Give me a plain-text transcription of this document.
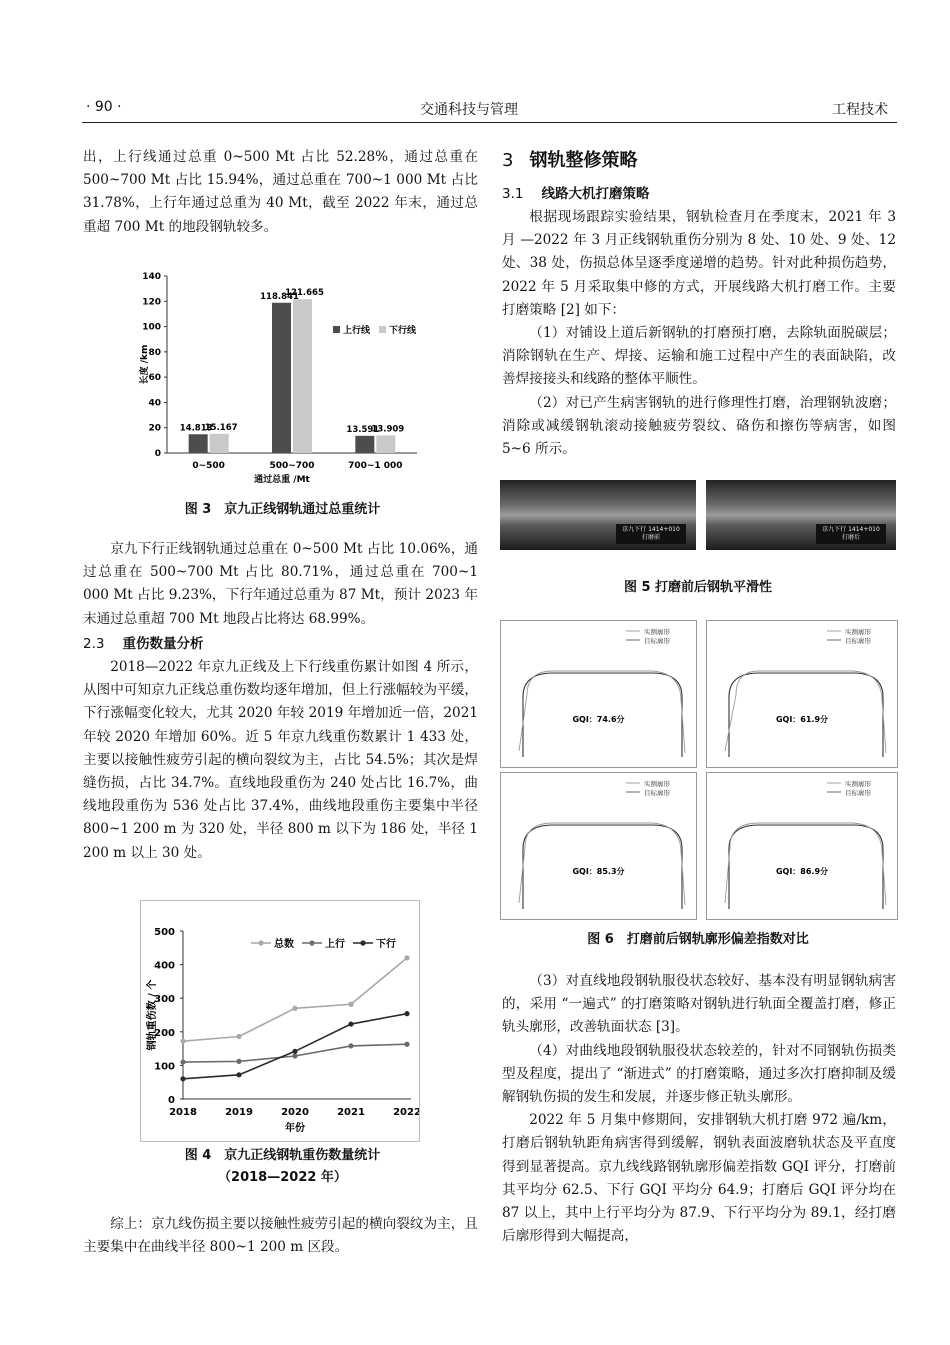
· 90 ·	交通科技与管理	工程技术

出，上行线通过总重 0~500 Mt 占比 52.28%，通过总重在 500~700 Mt 占比 15.94%，通过总重在 700~1 000 Mt 占比 31.78%，上行年通过总重为 40 Mt，截至 2022 年末，通过总重超 700 Mt 的地段钢轨较多。

0
20
40
60
80
100
120
140
长度 /km
14.813
15.167
0~500
118.841
121.665
500~700
13.591
13.909
700~1 000
通过总重 /Mt
上行线 下行线
图 3　京九正线钢轨通过总重统计

京九下行正线钢轨通过总重在 0~500 Mt 占比 10.06%，通过总重在 500~700 Mt 占比 80.71%，通过总重在 700~1 000 Mt 占比 9.23%，下行年通过总重为 87 Mt，预计 2023 年末通过总重超 700 Mt 地段占比将达 68.99%。

2.3 重伤数量分析

2018—2022 年京九正线及上下行线重伤累计如图 4 所示，从图中可知京九正线总重伤数均逐年增加，但上行涨幅较为平缓，下行涨幅变化较大，尤其 2020 年较 2019 年增加近一倍，2021 年较 2020 年增加 60%。近 5 年京九线重伤数累计 1 433 处，主要以接触性疲劳引起的横向裂纹为主，占比 54.5%；其次是焊缝伤损，占比 34.7%。直线地段重伤为 240 处占比 16.7%，曲线地段重伤为 536 处占比 37.4%，曲线地段重伤主要集中半径 800~1 200 m 为 320 处，半径 800 m 以下为 186 处，半径 1 200 m 以上 30 处。

0
100
200
300
400
500
2018	2019	2020	2021	2022
年份
钢轨重伤数 / 个
总数	上行	下行
图 4　京九正线钢轨重伤数量统计
（2018—2022 年）

综上：京九线伤损主要以接触性疲劳引起的横向裂纹为主，且主要集中在曲线半径 800~1 200 m 区段。

3 钢轨整修策略
3.1 线路大机打磨策略

根据现场跟踪实验结果，钢轨检查月在季度末，2021 年 3 月 —2022 年 3 月正线钢轨重伤分别为 8 处、10 处、9 处、12 处、38 处，伤损总体呈逐季度递增的趋势。针对此种损伤趋势，2022 年 5 月采取集中修的方式，开展线路大机打磨工作。主要打磨策略 [2] 如下：

（1）对铺设上道后新钢轨的打磨预打磨，去除轨面脱碳层；消除钢轨在生产、焊接、运输和施工过程中产生的表面缺陷，改善焊接接头和线路的整体平顺性。

（2）对已产生病害钢轨的进行修理性打磨，治理钢轨波磨；消除或减缓钢轨滚动接触疲劳裂纹、硌伤和擦伤等病害，如图 5~6 所示。

京九下行 1414+010打磨前
京九下行 1414+010打磨后
图 5 打磨前后钢轨平滑性
实测廓形
目标廓形
GQI：74.6分
实测廓形
目标廓形
GQI：61.9分
实测廓形
目标廓形
GQI：85.3分
实测廓形
目标廓形
GQI：86.9分
图 6　打磨前后钢轨廓形偏差指数对比

（3）对直线地段钢轨服役状态较好、基本没有明显钢轨病害的，采用 “一遍式” 的打磨策略对钢轨进行轨面全覆盖打磨，修正轨头廓形，改善轨面状态 [3]。

（4）对曲线地段钢轨服役状态较差的，针对不同钢轨伤损类型及程度，提出了 “渐进式” 的打磨策略，通过多次打磨抑制及缓解钢轨伤损的发生和发展，并逐步修正轨头廓形。

2022 年 5 月集中修期间，安排钢轨大机打磨 972 遍/km，打磨后钢轨轨距角病害得到缓解，钢轨表面波磨轨状态及平直度得到显著提高。京九线线路钢轨廓形偏差指数 GQI 评分，打磨前其平均分 62.5、下行 GQI 平均分 64.9；打磨后 GQI 评分均在 87 以上，其中上行平均分为 87.9、下行平均分为 89.1，经打磨后廓形得到大幅提高，
